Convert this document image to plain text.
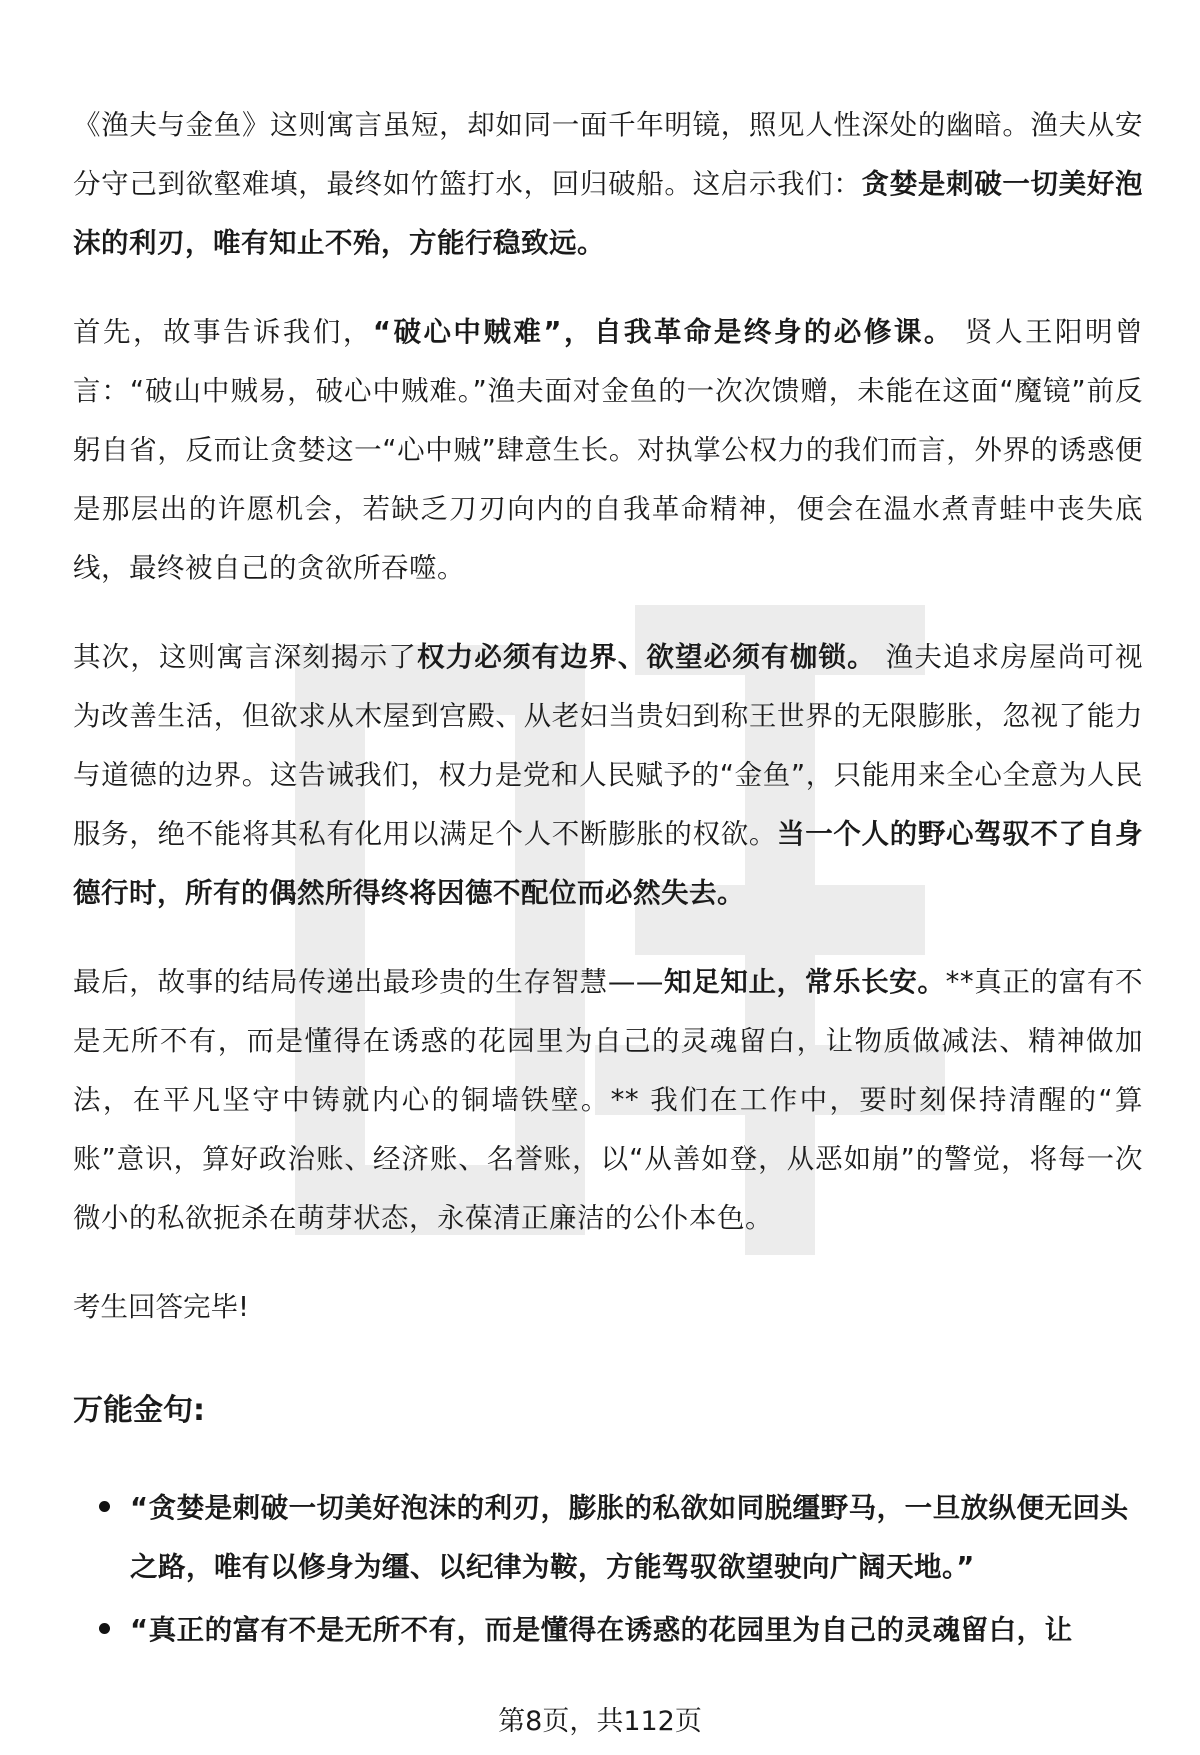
《渔夫与金鱼》这则寓言虽短，却如同一面千年明镜，照见人性深处的幽暗。渔夫从安分守己到欲壑难填，最终如竹篮打水，回归破船。这启示我们：贪婪是刺破一切美好泡沫的利刃，唯有知止不殆，方能行稳致远。

首先，故事告诉我们，“破心中贼难”，自我革命是终身的必修课。 贤人王阳明曾言：“破山中贼易，破心中贼难。”渔夫面对金鱼的一次次馈赠，未能在这面“魔镜”前反躬自省，反而让贪婪这一“心中贼”肆意生长。对执掌公权力的我们而言，外界的诱惑便是那层出的许愿机会，若缺乏刀刃向内的自我革命精神，便会在温水煮青蛙中丧失底线，最终被自己的贪欲所吞噬。

其次，这则寓言深刻揭示了权力必须有边界、欲望必须有枷锁。 渔夫追求房屋尚可视为改善生活，但欲求从木屋到宫殿、从老妇当贵妇到称王世界的无限膨胀，忽视了能力与道德的边界。这告诫我们，权力是党和人民赋予的“金鱼”，只能用来全心全意为人民服务，绝不能将其私有化用以满足个人不断膨胀的权欲。当一个人的野心驾驭不了自身德行时，所有的偶然所得终将因德不配位而必然失去。

最后，故事的结局传递出最珍贵的生存智慧——知足知止，常乐长安。**真正的富有不是无所不有，而是懂得在诱惑的花园里为自己的灵魂留白，让物质做减法、精神做加法，在平凡坚守中铸就内心的铜墙铁壁。** 我们在工作中，要时刻保持清醒的“算账”意识，算好政治账、经济账、名誉账，以“从善如登，从恶如崩”的警觉，将每一次微小的私欲扼杀在萌芽状态，永葆清正廉洁的公仆本色。

考生回答完毕!

万能金句:
“贪婪是刺破一切美好泡沫的利刃，膨胀的私欲如同脱缰野马，一旦放纵便无回头之路，唯有以修身为缰、以纪律为鞍，方能驾驭欲望驶向广阔天地。”
“真正的富有不是无所不有，而是懂得在诱惑的花园里为自己的灵魂留白，让
第8页，共112页
